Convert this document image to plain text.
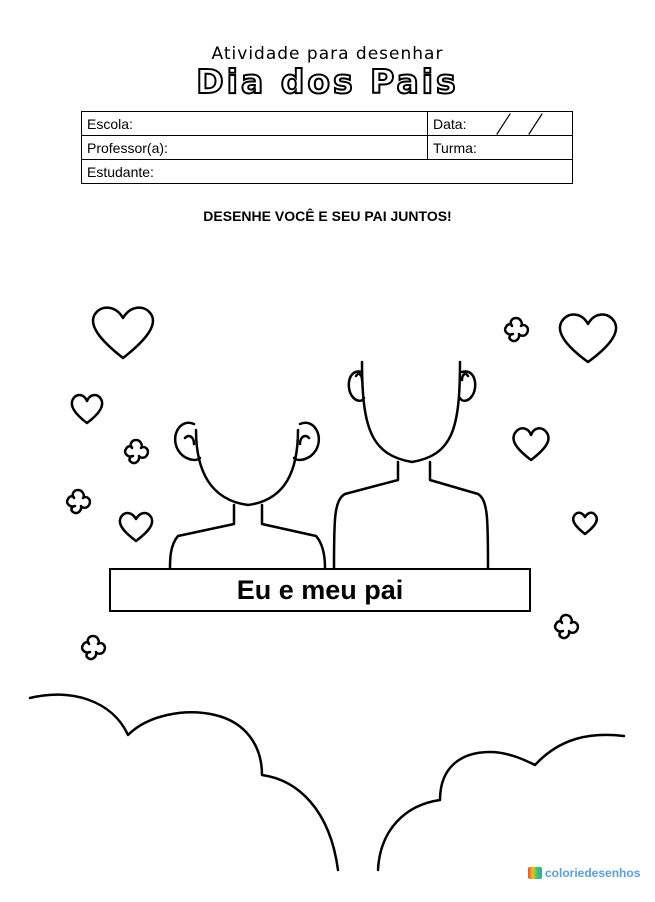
Atividade para desenhar
Dia dos Pais
Escola:	Data:
Professor(a):	Turma:
Estudante:	
DESENHE VOCÊ E SEU PAI JUNTOS!
Eu e meu pai
coloriedesenhos
